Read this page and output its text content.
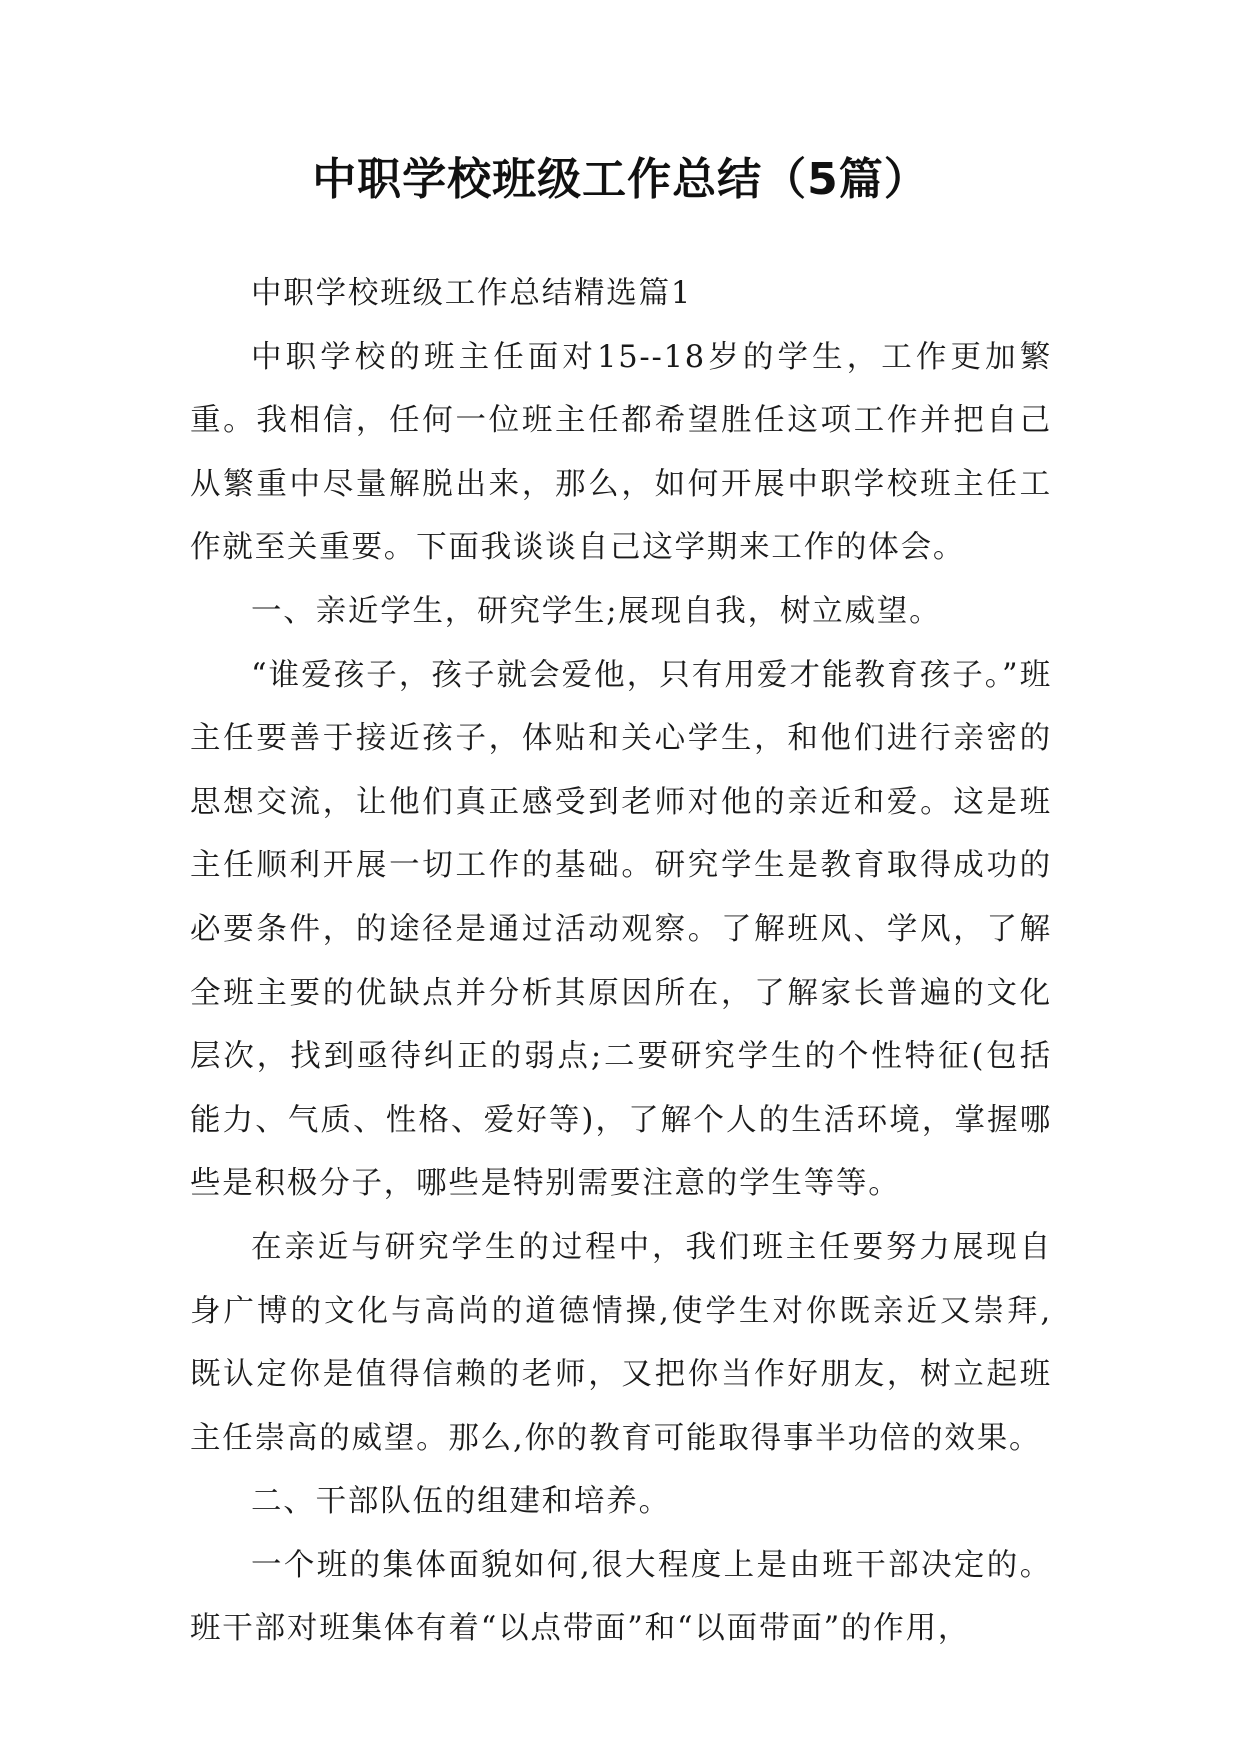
中职学校班级工作总结（5篇）

中职学校班级工作总结精选篇1

中职学校的班主任面对15--18岁的学生，工作更加繁重。我相信，任何一位班主任都希望胜任这项工作并把自己从繁重中尽量解脱出来，那么，如何开展中职学校班主任工作就至关重要。下面我谈谈自己这学期来工作的体会。

一、亲近学生，研究学生;展现自我，树立威望。

“谁爱孩子，孩子就会爱他，只有用爱才能教育孩子。”班主任要善于接近孩子，体贴和关心学生，和他们进行亲密的思想交流，让他们真正感受到老师对他的亲近和爱。这是班主任顺利开展一切工作的基础。研究学生是教育取得成功的必要条件，的途径是通过活动观察。了解班风、学风，了解全班主要的优缺点并分析其原因所在，了解家长普遍的文化层次，找到亟待纠正的弱点;二要研究学生的个性特征(包括能力、气质、性格、爱好等)，了解个人的生活环境，掌握哪些是积极分子，哪些是特别需要注意的学生等等。

在亲近与研究学生的过程中，我们班主任要努力展现自身广博的文化与高尚的道德情操,使学生对你既亲近又崇拜,既认定你是值得信赖的老师，又把你当作好朋友，树立起班主任崇高的威望。那么,你的教育可能取得事半功倍的效果。

二、干部队伍的组建和培养。

一个班的集体面貌如何,很大程度上是由班干部决定的。班干部对班集体有着“以点带面”和“以面带面”的作用，
